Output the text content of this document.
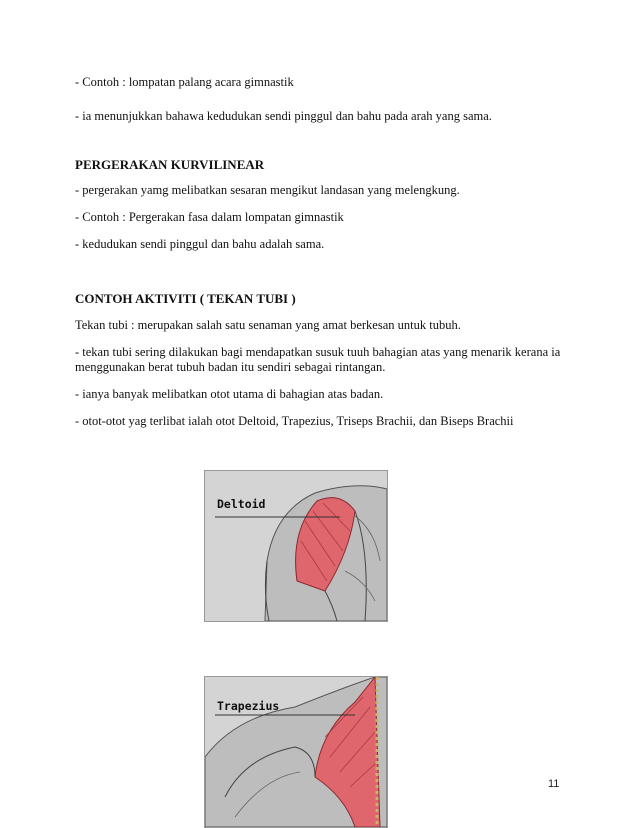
- Contoh : lompatan palang acara gimnastik
- ia menunjukkan bahawa kedudukan sendi pinggul dan bahu pada arah yang sama.
PERGERAKAN KURVILINEAR
- pergerakan yamg melibatkan sesaran mengikut landasan yang melengkung.
- Contoh : Pergerakan fasa dalam lompatan gimnastik
- kedudukan sendi pinggul dan bahu adalah sama.
CONTOH AKTIVITI ( TEKAN TUBI )
Tekan tubi : merupakan salah satu senaman yang amat berkesan untuk tubuh.
- tekan tubi sering dilakukan bagi mendapatkan susuk tuuh bahagian atas yang menarik kerana ia menggunakan berat tubuh badan itu sendiri sebagai rintangan.
- ianya banyak melibatkan otot utama di bahagian atas badan.
- otot-otot yag terlibat ialah otot Deltoid, Trapezius, Triseps Brachii, dan Biseps Brachii
Deltoid
Trapezius
11
